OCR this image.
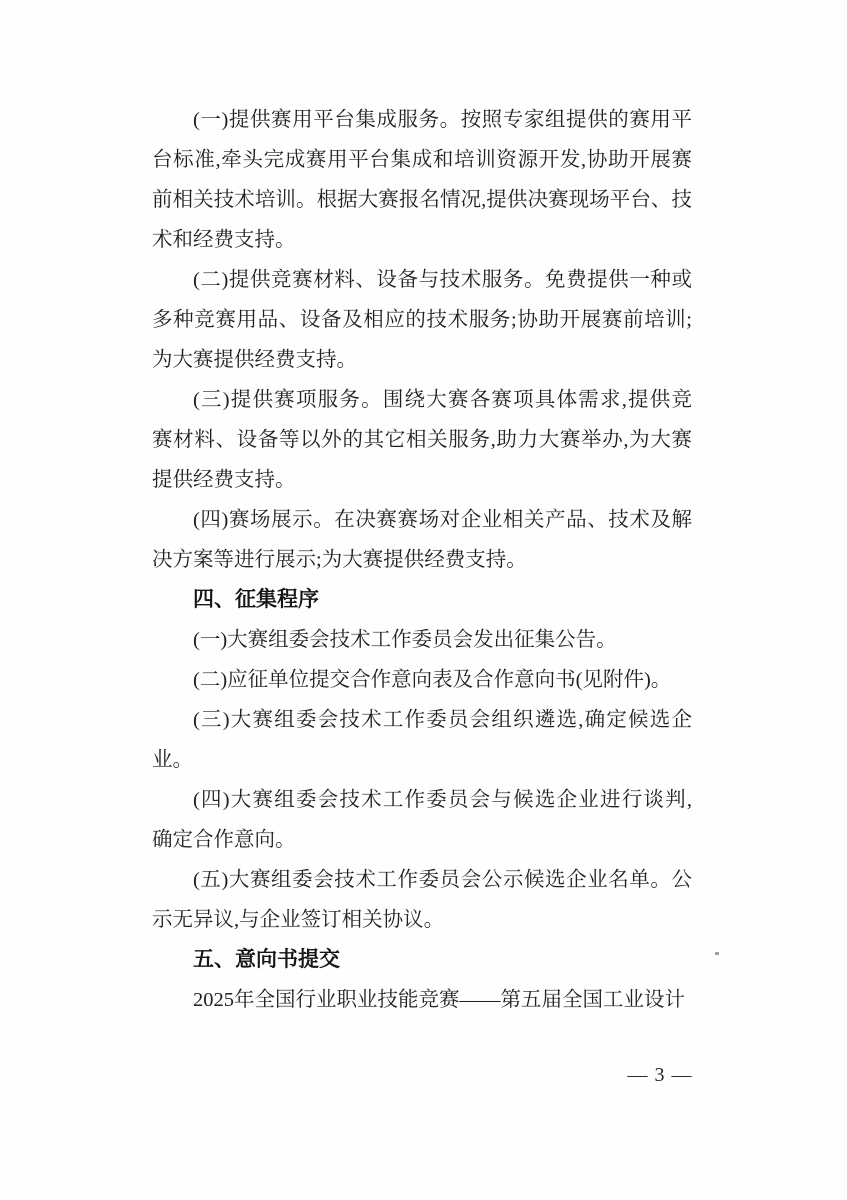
(一)提供赛用平台集成服务。按照专家组提供的赛用平
台标准,牵头完成赛用平台集成和培训资源开发,协助开展赛
前相关技术培训。根据大赛报名情况,提供决赛现场平台、技
术和经费支持。
(二)提供竞赛材料、设备与技术服务。免费提供一种或
多种竞赛用品、设备及相应的技术服务;协助开展赛前培训;
为大赛提供经费支持。
(三)提供赛项服务。围绕大赛各赛项具体需求,提供竞
赛材料、设备等以外的其它相关服务,助力大赛举办,为大赛
提供经费支持。
(四)赛场展示。在决赛赛场对企业相关产品、技术及解
决方案等进行展示;为大赛提供经费支持。
四、征集程序
(一)大赛组委会技术工作委员会发出征集公告。
(二)应征单位提交合作意向表及合作意向书(见附件)。
(三)大赛组委会技术工作委员会组织遴选,确定候选企
业。
(四)大赛组委会技术工作委员会与候选企业进行谈判,
确定合作意向。
(五)大赛组委会技术工作委员会公示候选企业名单。公
示无异议,与企业签订相关协议。
五、意向书提交
2025年全国行业职业技能竞赛——第五届全国工业设计
— 3 —
